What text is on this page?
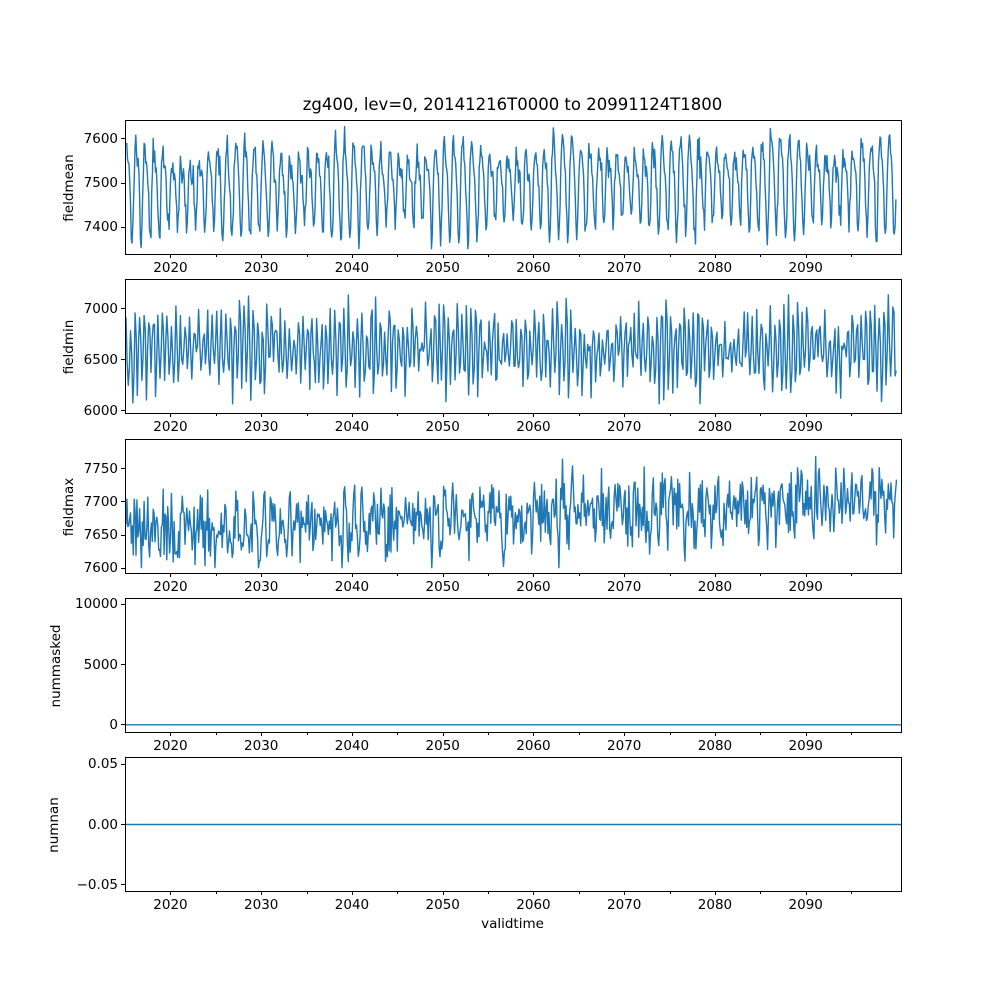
zg400, lev=0, 20141216T0000 to 20991124T1800
fieldmean
7400
7500
7600
2020	2030	2040	2050	2060	2070	2080	2090
fieldmin
6000
6500
7000
2020	2030	2040	2050	2060	2070	2080	2090
fieldmax
7600
7650
7700
7750
2020	2030	2040	2050	2060	2070	2080	2090
nummasked
0
5000
10000
2020	2030	2040	2050	2060	2070	2080	2090
numnan
−0.05
0.00
0.05
2020	2030	2040	2050	2060	2070	2080	2090
validtime
